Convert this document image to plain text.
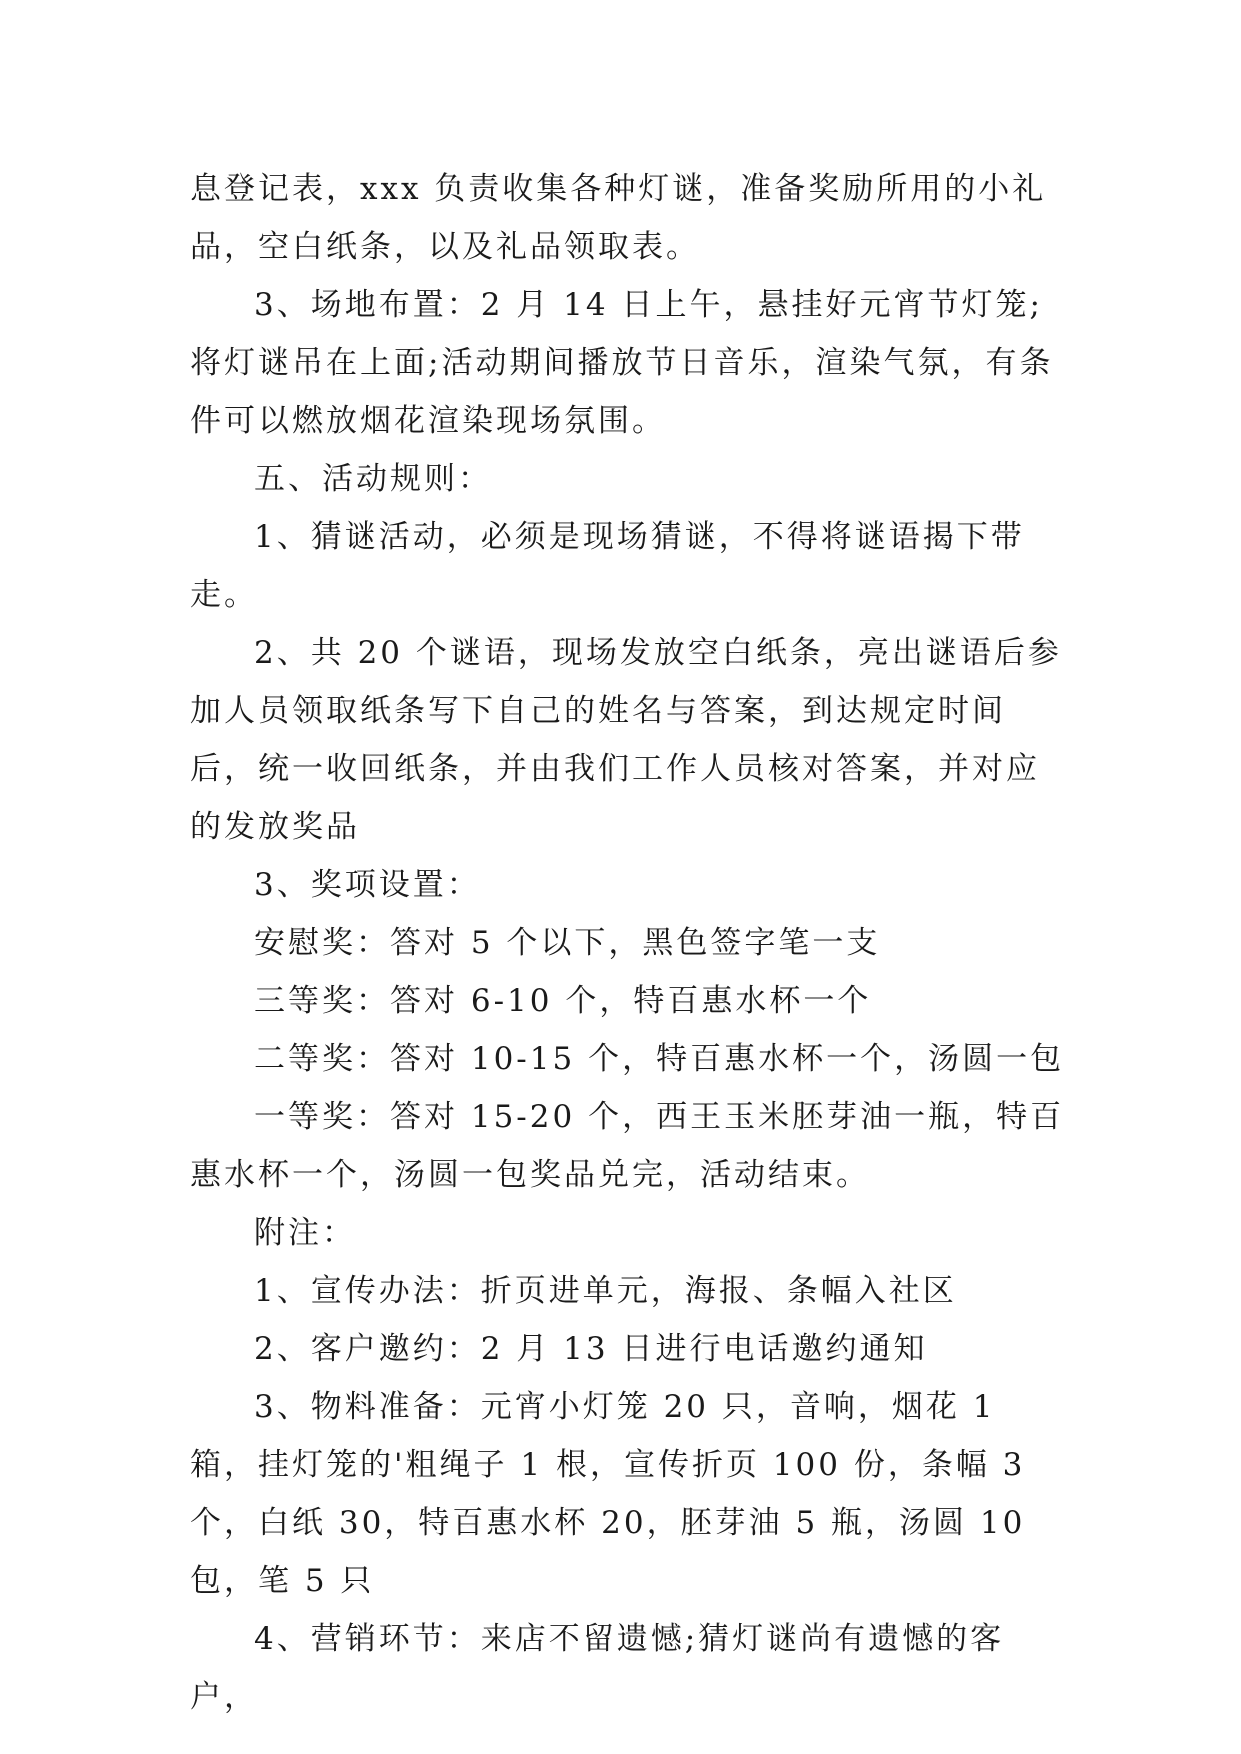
息登记表，xxx 负责收集各种灯谜，准备奖励所用的小礼品，空白纸条，以及礼品领取表。

3、场地布置：2 月 14 日上午，悬挂好元宵节灯笼;将灯谜吊在上面;活动期间播放节日音乐，渲染气氛，有条件可以燃放烟花渲染现场氛围。

五、活动规则：

1、猜谜活动，必须是现场猜谜，不得将谜语揭下带走。

2、共 20 个谜语，现场发放空白纸条，亮出谜语后参加人员领取纸条写下自己的姓名与答案，到达规定时间后，统一收回纸条，并由我们工作人员核对答案，并对应的发放奖品

3、奖项设置：

安慰奖：答对 5 个以下，黑色签字笔一支

三等奖：答对 6-10 个，特百惠水杯一个

二等奖：答对 10-15 个，特百惠水杯一个，汤圆一包

一等奖：答对 15-20 个，西王玉米胚芽油一瓶，特百惠水杯一个，汤圆一包奖品兑完，活动结束。

附注：

1、宣传办法：折页进单元，海报、条幅入社区

2、客户邀约：2 月 13 日进行电话邀约通知

3、物料准备：元宵小灯笼 20 只，音响，烟花 1 箱，挂灯笼的'粗绳子 1 根，宣传折页 100 份，条幅 3 个，白纸 30，特百惠水杯 20，胚芽油 5 瓶，汤圆 10 包，笔 5 只

4、营销环节：来店不留遗憾;猜灯谜尚有遗憾的客户，
